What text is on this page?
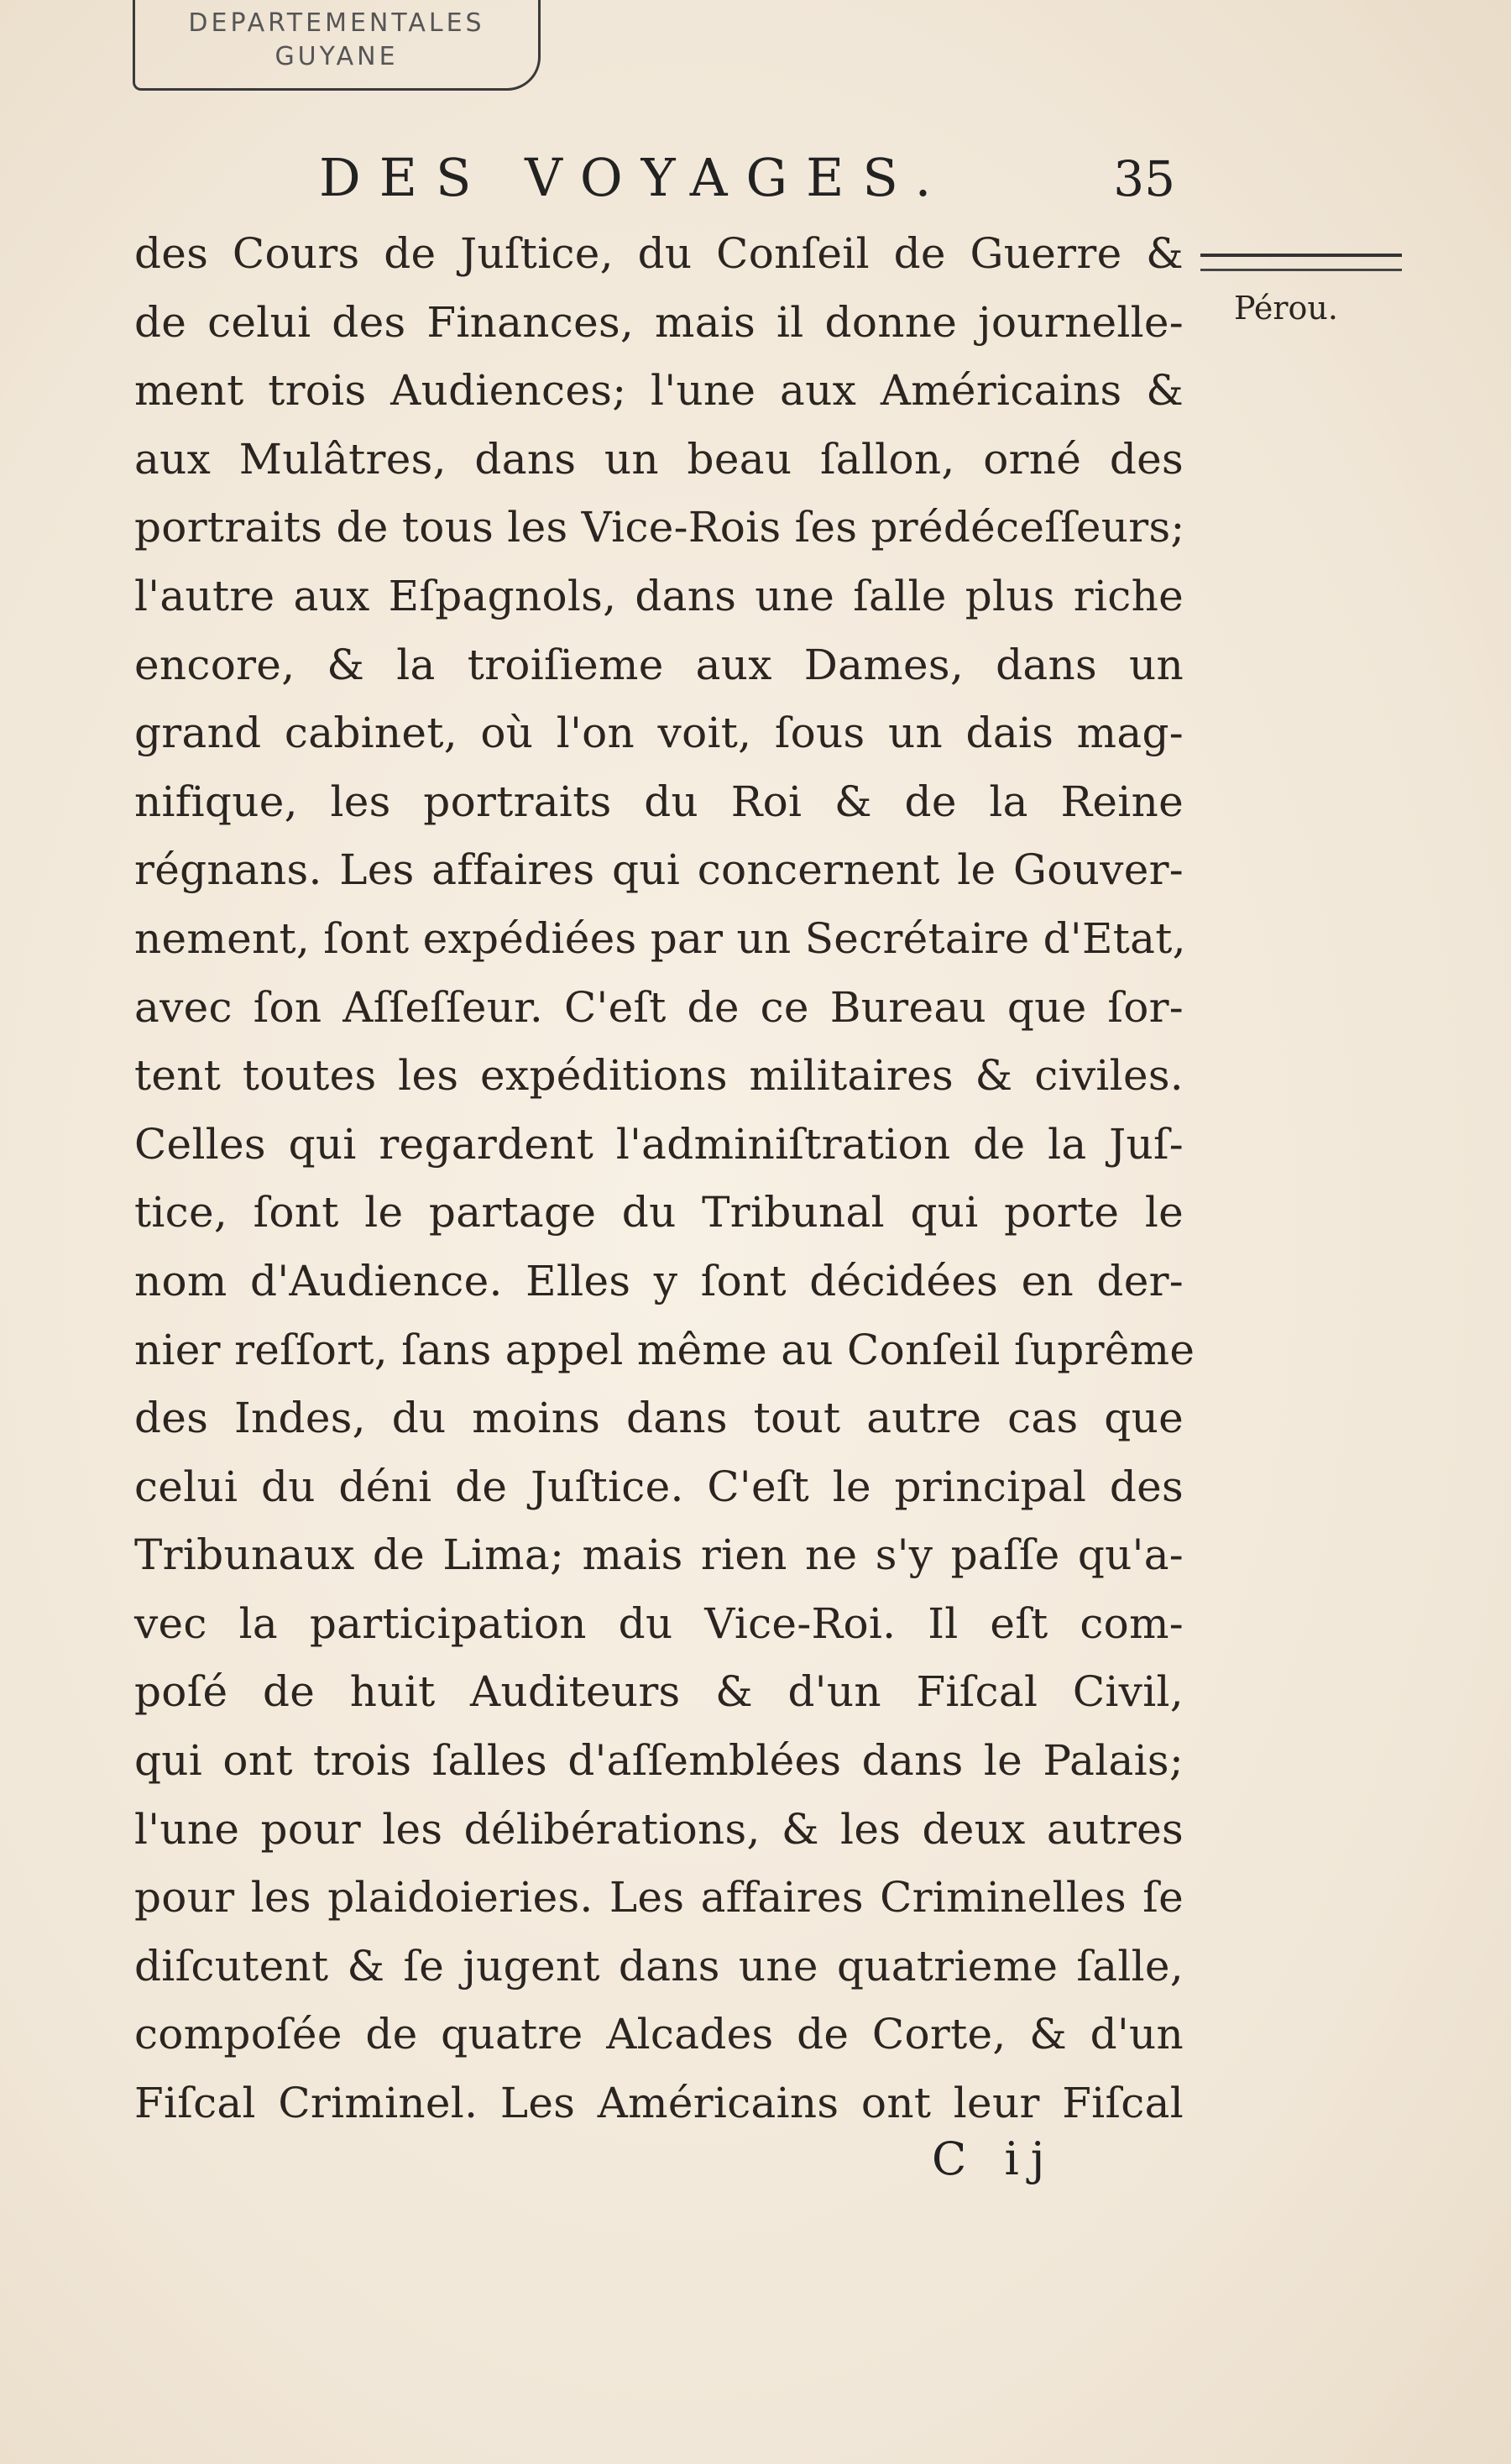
DEPARTEMENTALES
GUYANE
DES VOYAGES.	35
Pérou.
des Cours de Juſtice, du Conſeil de Guerre &
de celui des Finances, mais il donne journelle-
ment trois Audiences; l'une aux Américains &
aux Mulâtres, dans un beau ſallon, orné des
portraits de tous les Vice-Rois ſes prédéceſſeurs;
l'autre aux Eſpagnols, dans une ſalle plus riche
encore, & la troiſieme aux Dames, dans un
grand cabinet, où l'on voit, ſous un dais mag-
nifique, les portraits du Roi & de la Reine
régnans. Les affaires qui concernent le Gouver-
nement, ſont expédiées par un Secrétaire d'Etat,
avec ſon Aſſeſſeur. C'eſt de ce Bureau que ſor-
tent toutes les expéditions militaires & civiles.
Celles qui regardent l'adminiſtration de la Juſ-
tice, ſont le partage du Tribunal qui porte le
nom d'Audience. Elles y ſont décidées en der-
nier reſſort, ſans appel même au Conſeil ſuprême
des Indes, du moins dans tout autre cas que
celui du déni de Juſtice. C'eſt le principal des
Tribunaux de Lima; mais rien ne s'y paſſe qu'a-
vec la participation du Vice-Roi. Il eſt com-
poſé de huit Auditeurs & d'un Fiſcal Civil,
qui ont trois ſalles d'aſſemblées dans le Palais;
l'une pour les délibérations, & les deux autres
pour les plaidoieries. Les affaires Criminelles ſe
diſcutent & ſe jugent dans une quatrieme ſalle,
compoſée de quatre Alcades de Corte, & d'un
Fiſcal Criminel. Les Américains ont leur Fiſcal
C ij
